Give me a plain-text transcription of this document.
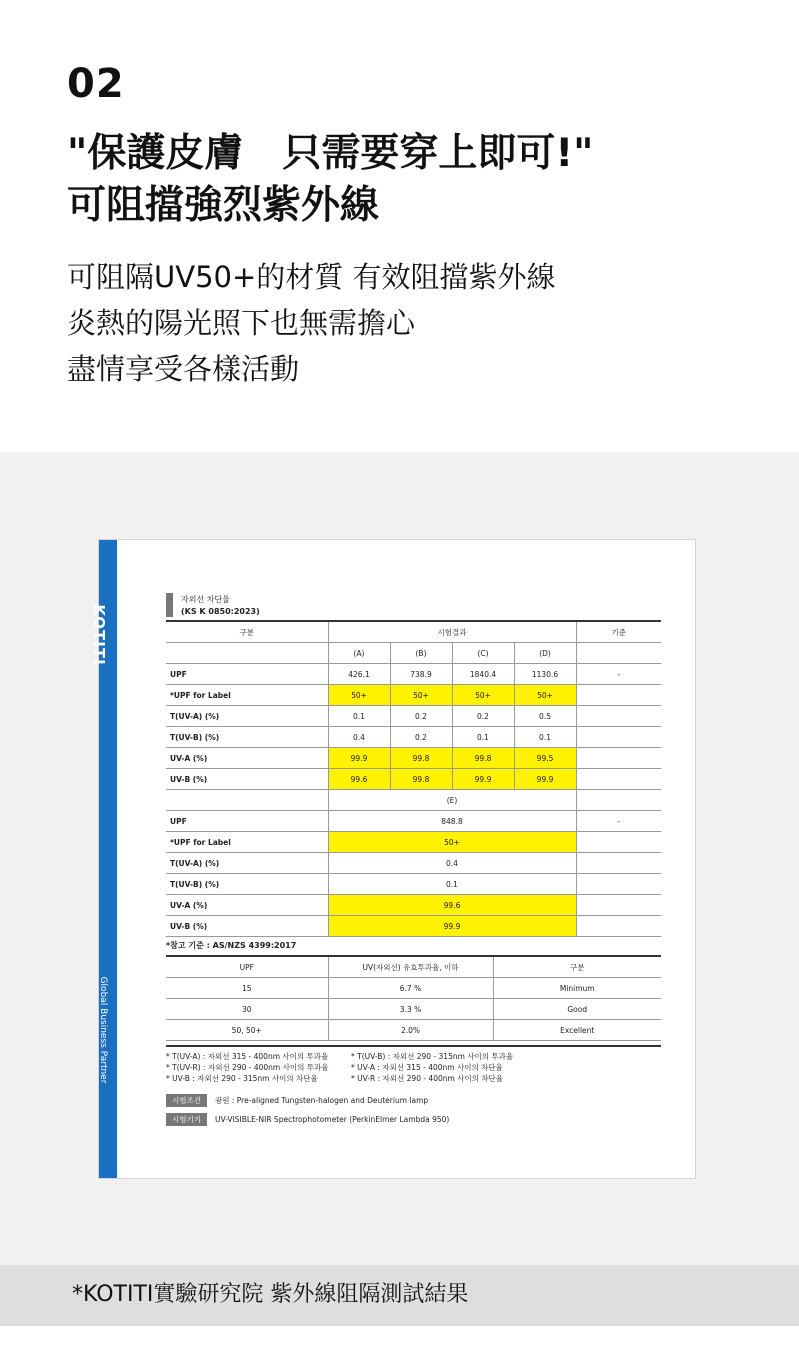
02
"保護皮膚　只需要穿上即可!"
可阻擋強烈紫外線
可阻隔UV50+的材質 有效阻擋紫外線
炎熱的陽光照下也無需擔心
盡情享受各樣活動
KOTITI
Global Business Partner
자외선 차단율
(KS K 0850:2023)
구분	시험결과				기준
	(A)	(B)	(C)	(D)	
UPF	426.1	738.9	1840.4	1130.6	-
*UPF for Label	50+	50+	50+	50+	
T(UV-A) (%)	0.1	0.2	0.2	0.5	
T(UV-B) (%)	0.4	0.2	0.1	0.1	
UV-A (%)	99.9	99.8	99.8	99.5	
UV-B (%)	99.6	99.8	99.9	99.9	
	(E)	
UPF	848.8	-
*UPF for Label	50+	
T(UV-A) (%)	0.4	
T(UV-B) (%)	0.1	
UV-A (%)	99.6	
UV-B (%)	99.9	
*참고 기준 : AS/NZS 4399:2017
UPF	UV(자외선) 유효투과율, 이하	구분
15	6.7 %	Minimum
30	3.3 %	Good
50, 50+	2.0%	Excellent
* T(UV-A) : 자외선 315 - 400nm 사이의 투과율
* T(UV-R) : 자외선 290 - 400nm 사이의 투과율
* UV-B : 자외선 290 - 315nm 사이의 차단율
* T(UV-B) : 자외선 290 - 315nm 사이의 투과율
* UV-A : 자외선 315 - 400nm 사이의 차단율
* UV-R : 자외선 290 - 400nm 사이의 차단율
시험조건	광원 : Pre-aligned Tungsten-halogen and Deuterium lamp
시험기기	UV-VISIBLE-NIR Spectrophotometer (PerkinElmer Lambda 950)
*KOTITI實驗研究院 紫外線阻隔測試結果
